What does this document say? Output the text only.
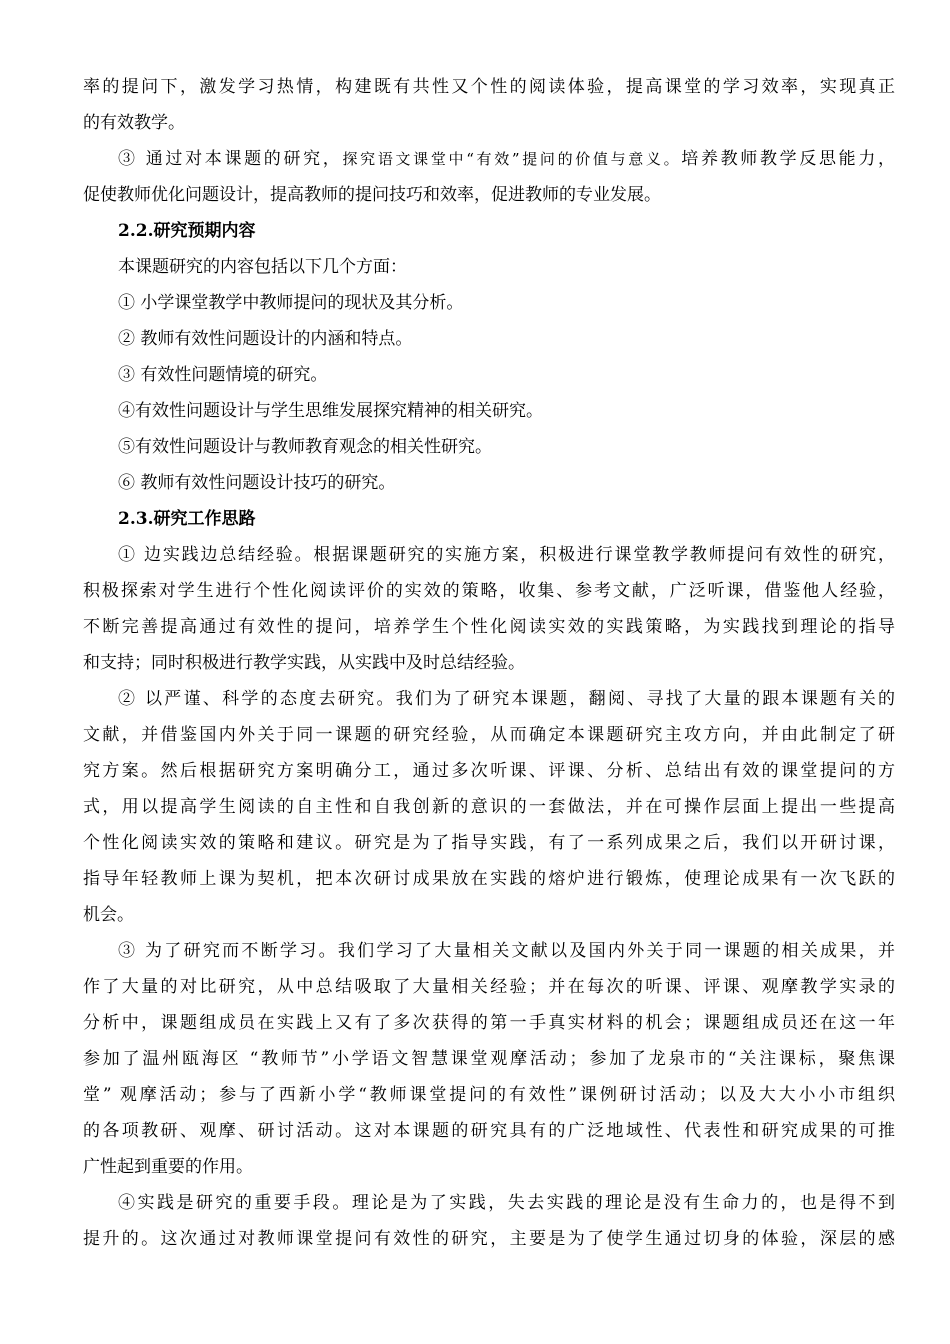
率的提问下，激发学习热情，构建既有共性又个性的阅读体验，提高课堂的学习效率，实现真正
的有效教学。
③ 通过对本课题的研究，探究语文课堂中“有效”提问的价值与意义。培养教师教学反思能力，
促使教师优化问题设计，提高教师的提问技巧和效率，促进教师的专业发展。
2.2.研究预期内容
本课题研究的内容包括以下几个方面：
① 小学课堂教学中教师提问的现状及其分析。
② 教师有效性问题设计的内涵和特点。
③ 有效性问题情境的研究。
④有效性问题设计与学生思维发展探究精神的相关研究。
⑤有效性问题设计与教师教育观念的相关性研究。
⑥ 教师有效性问题设计技巧的研究。
2.3.研究工作思路
① 边实践边总结经验。根据课题研究的实施方案，积极进行课堂教学教师提问有效性的研究，
积极探索对学生进行个性化阅读评价的实效的策略，收集、参考文献，广泛听课，借鉴他人经验，
不断完善提高通过有效性的提问，培养学生个性化阅读实效的实践策略，为实践找到理论的指导
和支持；同时积极进行教学实践，从实践中及时总结经验。
② 以严谨、科学的态度去研究。我们为了研究本课题，翻阅、寻找了大量的跟本课题有关的
文献，并借鉴国内外关于同一课题的研究经验，从而确定本课题研究主攻方向，并由此制定了研
究方案。然后根据研究方案明确分工，通过多次听课、评课、分析、总结出有效的课堂提问的方
式，用以提高学生阅读的自主性和自我创新的意识的一套做法，并在可操作层面上提出一些提高
个性化阅读实效的策略和建议。研究是为了指导实践，有了一系列成果之后，我们以开研讨课，
指导年轻教师上课为契机，把本次研讨成果放在实践的熔炉进行锻炼，使理论成果有一次飞跃的
机会。
③ 为了研究而不断学习。我们学习了大量相关文献以及国内外关于同一课题的相关成果，并
作了大量的对比研究，从中总结吸取了大量相关经验；并在每次的听课、评课、观摩教学实录的
分析中，课题组成员在实践上又有了多次获得的第一手真实材料的机会；课题组成员还在这一年
参加了温州瓯海区 “教师节”小学语文智慧课堂观摩活动；参加了龙泉市的“关注课标，聚焦课
堂” 观摩活动；参与了西新小学“教师课堂提问的有效性”课例研讨活动；以及大大小小市组织
的各项教研、观摩、研讨活动。这对本课题的研究具有的广泛地域性、代表性和研究成果的可推
广性起到重要的作用。
④实践是研究的重要手段。理论是为了实践，失去实践的理论是没有生命力的，也是得不到
提升的。这次通过对教师课堂提问有效性的研究，主要是为了使学生通过切身的体验，深层的感
